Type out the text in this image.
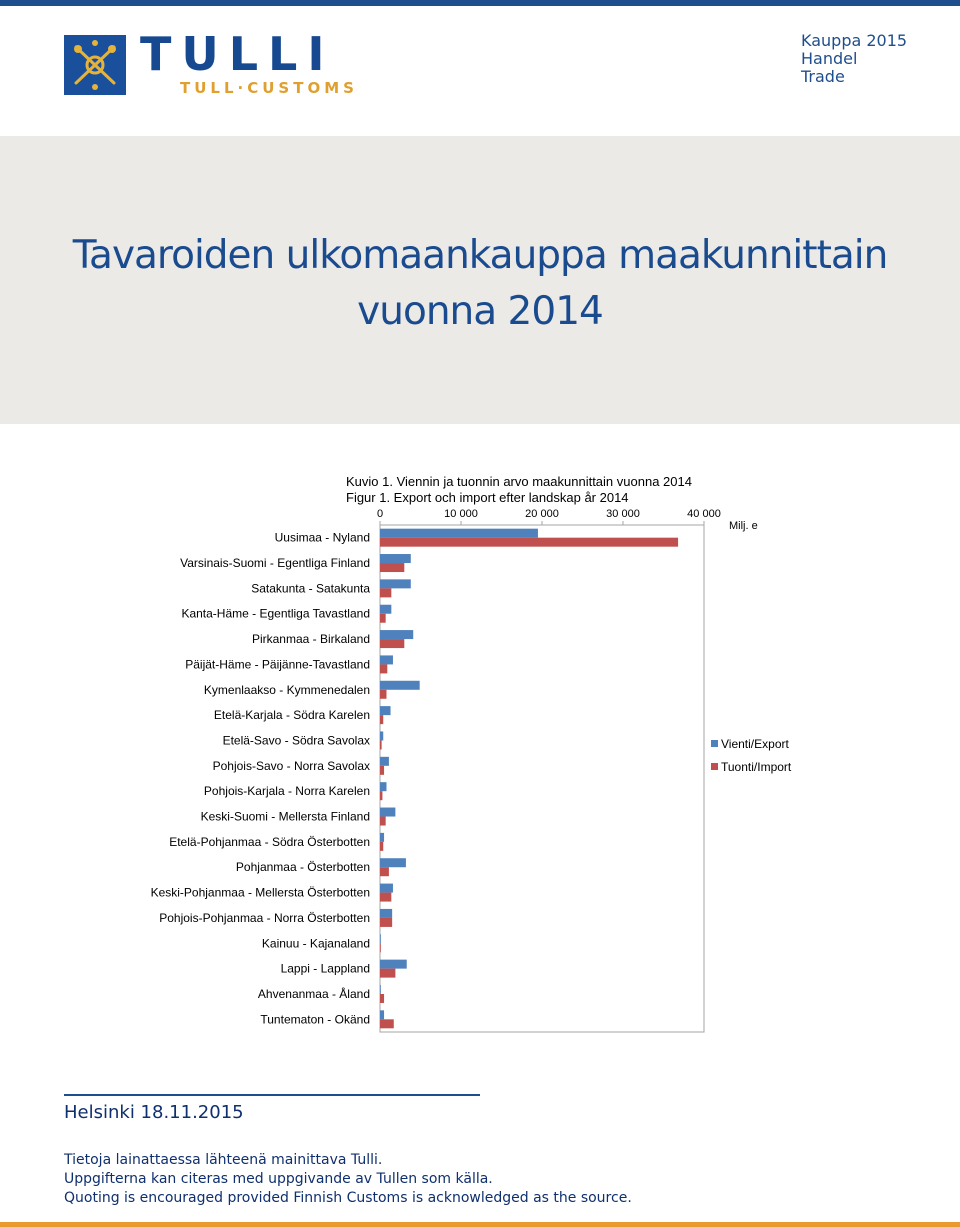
TULLI
TULL·CUSTOMS
Kauppa 2015
Handel
Trade
Tavaroiden ulkomaankauppa maakunnittain
vuonna 2014
Kuvio 1. Viennin ja tuonnin arvo maakunnittain vuonna 2014
Figur 1. Export och import efter landskap år 2014
0	10 000	20 000	30 000	40 000
Milj. e
Uusimaa - Nyland
Varsinais-Suomi - Egentliga Finland
Satakunta - Satakunta
Kanta-Häme - Egentliga Tavastland
Pirkanmaa - Birkaland
Päijät-Häme - Päijänne-Tavastland
Kymenlaakso - Kymmenedalen
Etelä-Karjala - Södra Karelen
Etelä-Savo - Södra Savolax
Pohjois-Savo - Norra Savolax
Pohjois-Karjala - Norra Karelen
Keski-Suomi - Mellersta Finland
Etelä-Pohjanmaa - Södra Österbotten
Pohjanmaa - Österbotten
Keski-Pohjanmaa - Mellersta Österbotten
Pohjois-Pohjanmaa - Norra Österbotten
Kainuu - Kajanaland
Lappi - Lappland
Ahvenanmaa - Åland
Tuntematon - Okänd
Vienti/Export
Tuonti/Import
Helsinki 18.11.2015
Tietoja lainattaessa lähteenä mainittava Tulli.
Uppgifterna kan citeras med uppgivande av Tullen som källa.
Quoting is encouraged provided Finnish Customs is acknowledged as the source.
